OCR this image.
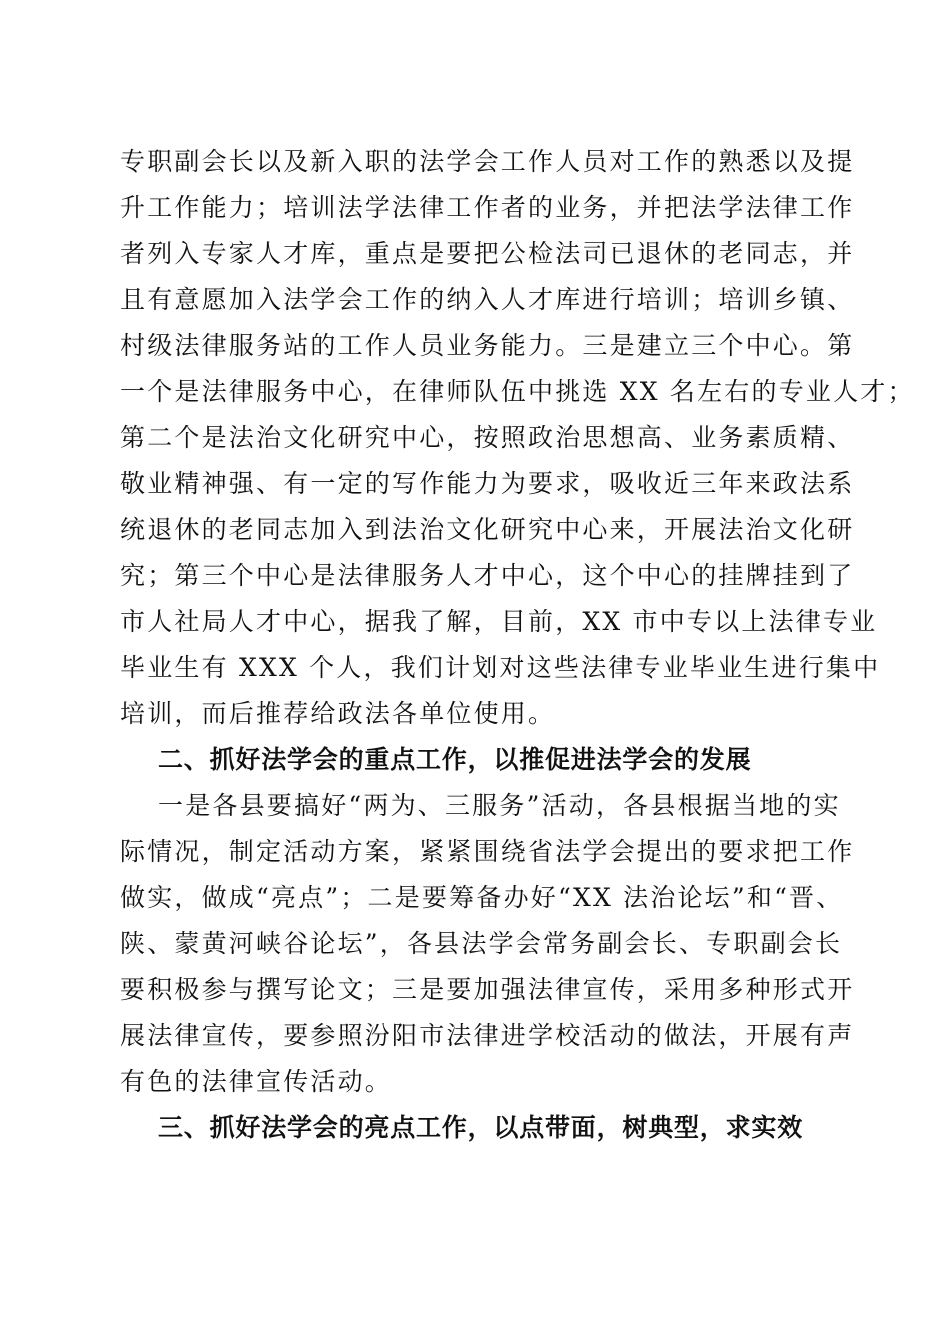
专职副会长以及新入职的法学会工作人员对工作的熟悉以及提
升工作能力；培训法学法律工作者的业务，并把法学法律工作
者列入专家人才库，重点是要把公检法司已退休的老同志，并
且有意愿加入法学会工作的纳入人才库进行培训；培训乡镇、
村级法律服务站的工作人员业务能力。三是建立三个中心。第
一个是法律服务中心，在律师队伍中挑选 XX 名左右的专业人才；
第二个是法治文化研究中心，按照政治思想高、业务素质精、
敬业精神强、有一定的写作能力为要求，吸收近三年来政法系
统退休的老同志加入到法治文化研究中心来，开展法治文化研
究；第三个中心是法律服务人才中心，这个中心的挂牌挂到了
市人社局人才中心，据我了解，目前，XX 市中专以上法律专业
毕业生有 XXX 个人，我们计划对这些法律专业毕业生进行集中
培训，而后推荐给政法各单位使用。
二、抓好法学会的重点工作，以推促进法学会的发展
一是各县要搞好“两为、三服务”活动，各县根据当地的实
际情况，制定活动方案，紧紧围绕省法学会提出的要求把工作
做实，做成“亮点”；二是要筹备办好“XX 法治论坛”和“晋、
陕、蒙黄河峡谷论坛”，各县法学会常务副会长、专职副会长
要积极参与撰写论文；三是要加强法律宣传，采用多种形式开
展法律宣传，要参照汾阳市法律进学校活动的做法，开展有声
有色的法律宣传活动。
三、抓好法学会的亮点工作，以点带面，树典型，求实效
